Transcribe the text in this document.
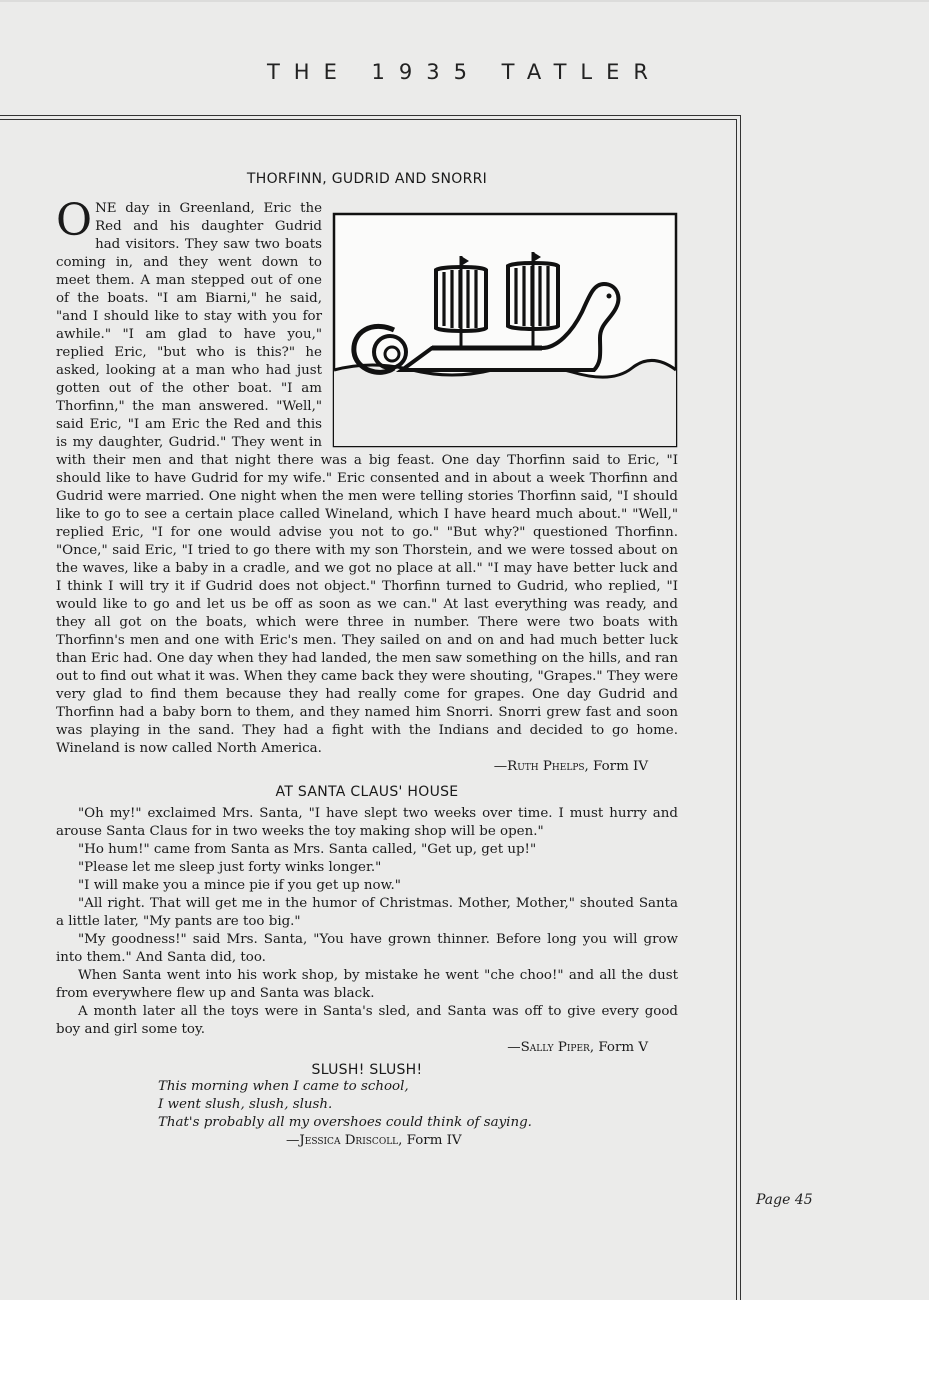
THE 1935 TATLER
THORFINN, GUDRID AND SNORRI

O NE day in Greenland, Eric the Red and his daughter Gudrid had visitors. They saw two boats coming in, and they went down to meet them. A man stepped out of one of the boats. "I am Biarni," he said, "and I should like to stay with you for awhile." "I am glad to have you," replied Eric, "but who is this?" he asked, looking at a man who had just gotten out of the other boat. "I am Thorfinn," the man answered. "Well," said Eric, "I am Eric the Red and this is my daughter, Gudrid." They went in with their men and that night there was a big feast. One day Thorfinn said to Eric, "I should like to have Gudrid for my wife." Eric consented and in about a week Thorfinn and Gudrid were married. One night when the men were telling stories Thorfinn said, "I should like to go to see a certain place called Wineland, which I have heard much about." "Well," replied Eric, "I for one would advise you not to go." "But why?" questioned Thorfinn. "Once," said Eric, "I tried to go there with my son Thorstein, and we were tossed about on the waves, like a baby in a cradle, and we got no place at all." "I may have better luck and I think I will try it if Gudrid does not object." Thorfinn turned to Gudrid, who replied, "I would like to go and let us be off as soon as we can." At last everything was ready, and they all got on the boats, which were three in number. There were two boats with Thorfinn's men and one with Eric's men. They sailed on and on and had much better luck than Eric had. One day when they had landed, the men saw something on the hills, and ran out to find out what it was. When they came back they were shouting, "Grapes." They were very glad to find them because they had really come for grapes. One day Gudrid and Thorfinn had a baby born to them, and they named him Snorri. Snorri grew fast and soon was playing in the sand. They had a fight with the Indians and decided to go home. Wineland is now called North America.

—Ruth Phelps, Form IV
AT SANTA CLAUS' HOUSE

"Oh my!" exclaimed Mrs. Santa, "I have slept two weeks over time. I must hurry and arouse Santa Claus for in two weeks the toy making shop will be open."

"Ho hum!" came from Santa as Mrs. Santa called, "Get up, get up!"

"Please let me sleep just forty winks longer."

"I will make you a mince pie if you get up now."

"All right. That will get me in the humor of Christmas. Mother, Mother," shouted Santa a little later, "My pants are too big."

"My goodness!" said Mrs. Santa, "You have grown thinner. Before long you will grow into them." And Santa did, too.

When Santa went into his work shop, by mistake he went "che choo!" and all the dust from everywhere flew up and Santa was black.

A month later all the toys were in Santa's sled, and Santa was off to give every good boy and girl some toy.

—Sally Piper, Form V
SLUSH! SLUSH!
This morning when I came to school,
I went slush, slush, slush.
That's probably all my overshoes could think of saying.
—Jessica Driscoll, Form IV
Page 45
